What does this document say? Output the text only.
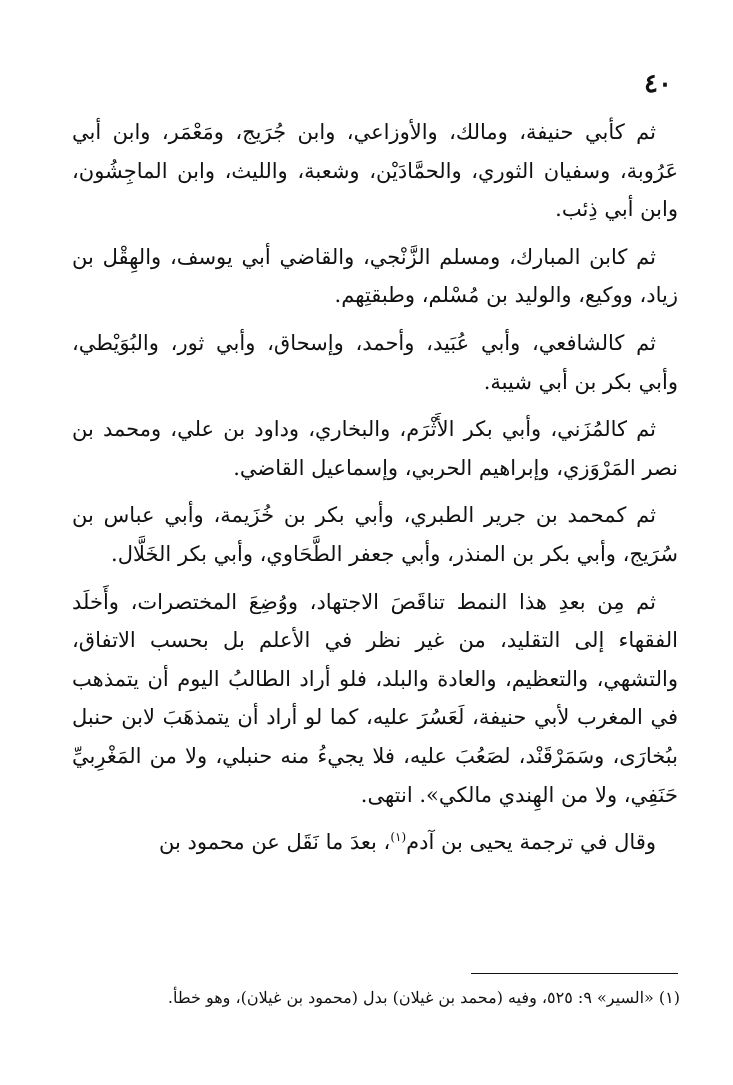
٤٠

ثم كأبي حنيفة، ومالك، والأوزاعي، وابن جُرَيج، ومَعْمَر، وابن أبي عَرُوبة، وسفيان الثوري، والحمَّادَيْن، وشعبة، والليث، وابن الماجِشُون، وابن أبي ذِئب.

ثم كابن المبارك، ومسلم الزَّنْجي، والقاضي أبي يوسف، والهِقْل بن زياد، ووكيع، والوليد بن مُسْلم، وطبقتِهم.

ثم كالشافعي، وأبي عُبَيد، وأحمد، وإسحاق، وأبي ثور، والبُوَيْطي، وأبي بكر بن أبي شيبة.

ثم كالمُزَني، وأبي بكر الأَثْرَم، والبخاري، وداود بن علي، ومحمد بن نصر المَرْوَزي، وإبراهيم الحربي، وإسماعيل القاضي.

ثم كمحمد بن جرير الطبري، وأبي بكر بن خُزَيمة، وأبي عباس بن سُرَيج، وأبي بكر بن المنذر، وأبي جعفر الطَّحَاوي، وأبي بكر الخَلَّال.

ثم مِن بعدِ هذا النمط تناقَصَ الاجتهاد، ووُضِعَ المختصرات، وأَخلَد الفقهاء إلى التقليد، من غير نظر في الأعلم بل بحسب الاتفاق، والتشهي، والتعظيم، والعادة والبلد، فلو أراد الطالبُ اليوم أن يتمذهب في المغرب لأبي حنيفة، لَعَسُرَ عليه، كما لو أراد أن يتمذهَبَ لابن حنبل ببُخارَى، وسَمَرْقَنْد، لصَعُبَ عليه، فلا يجيءُ منه حنبلي، ولا من المَغْرِبيِّ حَنَفِي، ولا من الهِندي مالكي». انتهى.

وقال في ترجمة يحيى بن آدم$^{(١)}$، بعدَ ما نَقَل عن محمود بن

(١) «السير» ٩: ٥٢٥، وفيه (محمد بن غيلان) بدل (محمود بن غيلان)، وهو خطأ.
